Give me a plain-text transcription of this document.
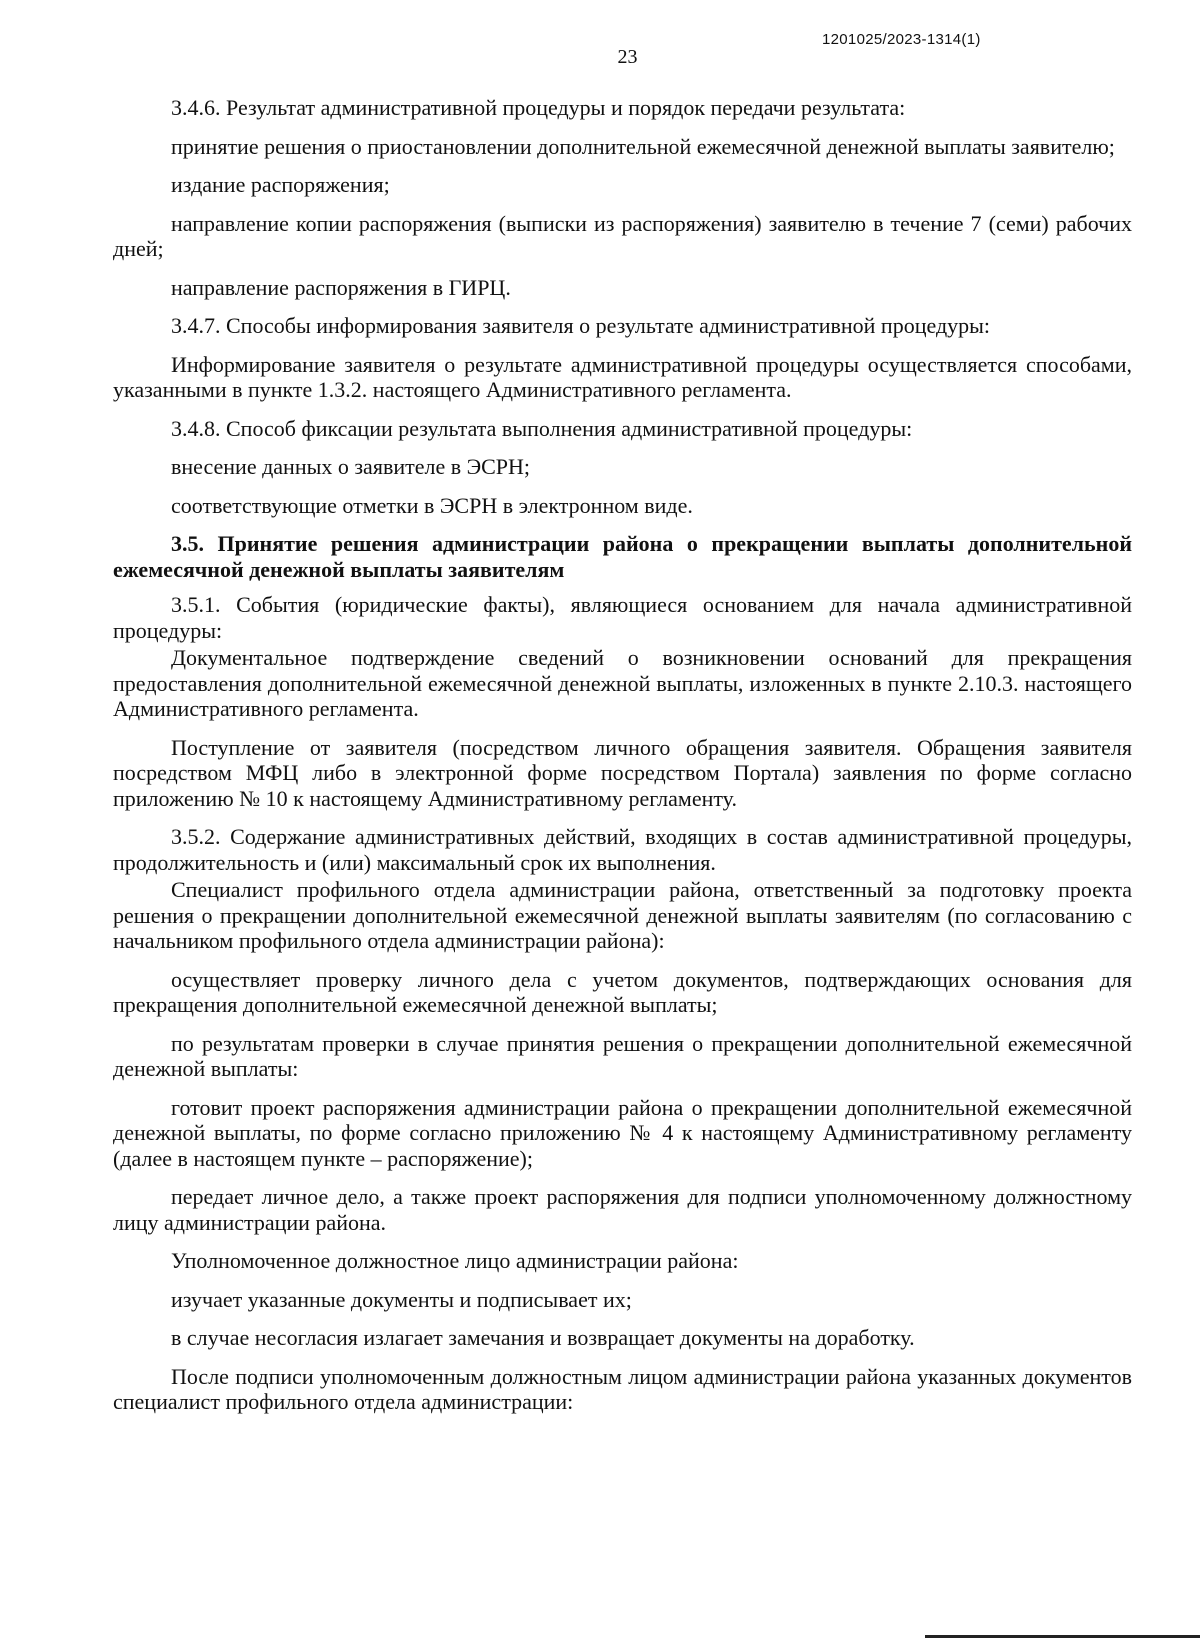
1201025/2023-1314(1)
23

3.4.6. Результат административной процедуры и порядок передачи результата:

принятие решения о приостановлении дополнительной ежемесячной денежной выплаты заявителю;

издание распоряжения;

направление копии распоряжения (выписки из распоряжения) заявителю в течение 7 (семи) рабочих дней;

направление распоряжения в ГИРЦ.

3.4.7. Способы информирования заявителя о результате административной процедуры:

Информирование заявителя о результате административной процедуры осуществляется способами, указанными в пункте 1.3.2. настоящего Административного регламента.

3.4.8. Способ фиксации результата выполнения административной процедуры:

внесение данных о заявителе в ЭСРН;

соответствующие отметки в ЭСРН в электронном виде.

3.5. Принятие решения администрации района о прекращении выплаты дополнительной ежемесячной денежной выплаты заявителям

3.5.1. События (юридические факты), являющиеся основанием для начала административной процедуры:

Документальное подтверждение сведений о возникновении оснований для прекращения предоставления дополнительной ежемесячной денежной выплаты, изложенных в пункте 2.10.3. настоящего Административного регламента.

Поступление от заявителя (посредством личного обращения заявителя. Обращения заявителя посредством МФЦ либо в электронной форме посредством Портала) заявления по форме согласно приложению № 10 к настоящему Административному регламенту.

3.5.2. Содержание административных действий, входящих в состав административной процедуры, продолжительность и (или) максимальный срок их выполнения.

Специалист профильного отдела администрации района, ответственный за подготовку проекта решения о прекращении дополнительной ежемесячной денежной выплаты заявителям (по согласованию с начальником профильного отдела администрации района):

осуществляет проверку личного дела с учетом документов, подтверждающих основания для прекращения дополнительной ежемесячной денежной выплаты;

по результатам проверки в случае принятия решения о прекращении дополнительной ежемесячной денежной выплаты:

готовит проект распоряжения администрации района о прекращении дополнительной ежемесячной денежной выплаты, по форме согласно приложению № 4 к настоящему Административному регламенту (далее в настоящем пункте – распоряжение);

передает личное дело, а также проект распоряжения для подписи уполномоченному должностному лицу администрации района.

Уполномоченное должностное лицо администрации района:

изучает указанные документы и подписывает их;

в случае несогласия излагает замечания и возвращает документы на доработку.

После подписи уполномоченным должностным лицом администрации района указанных документов специалист профильного отдела администрации:
